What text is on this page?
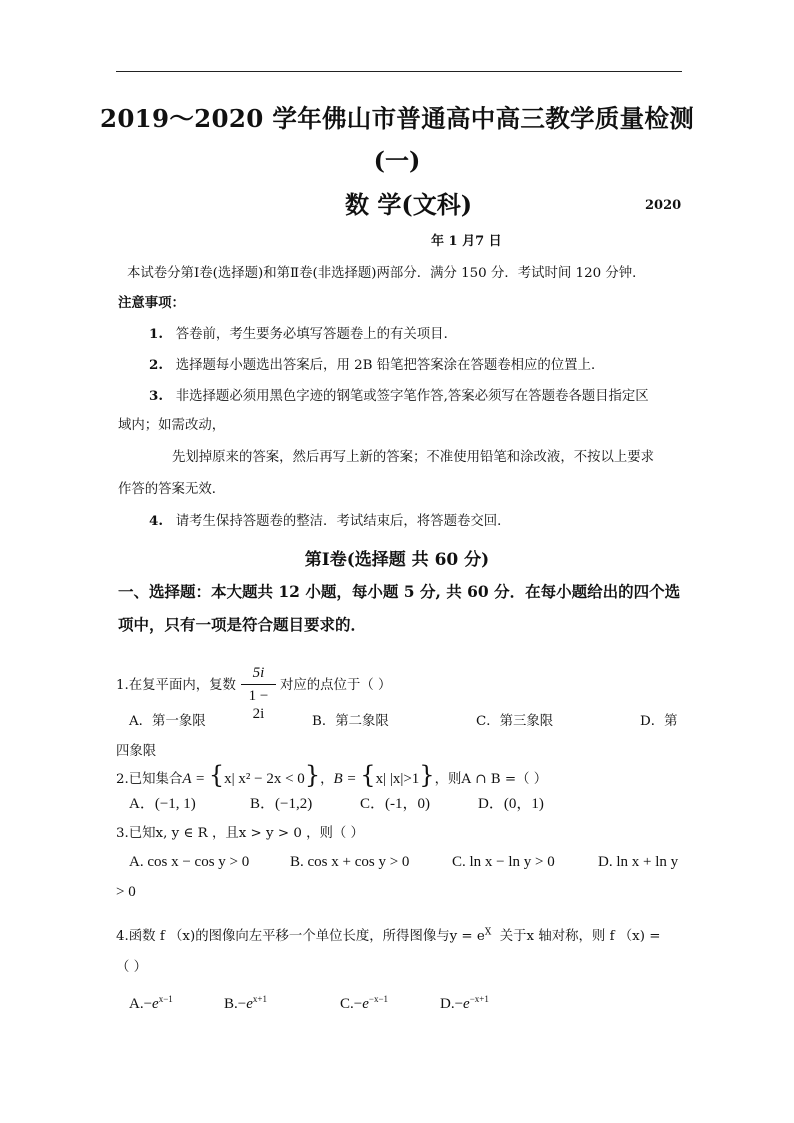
2019～2020 学年佛山市普通高中高三教学质量检测
(一)
数 学(文科)	2020
年 1 月7 日
本试卷分第Ⅰ卷(选择题)和第Ⅱ卷(非选择题)两部分．满分 150 分．考试时间 120 分钟．
注意事项：
1. 答卷前，考生要务必填写答题卷上的有关项目．
2. 选择题每小题选出答案后，用 2B 铅笔把答案涂在答题卷相应的位置上．
3. 非选择题必须用黑色字迹的钢笔或签字笔作答,答案必须写在答题卷各题目指定区
域内；如需改动，
先划掉原来的答案，然后再写上新的答案；不准使用铅笔和涂改液，不按以上要求
作答的答案无效．
4. 请考生保持答题卷的整洁．考试结束后，将答题卷交回．
第Ⅰ卷(选择题 共 60 分)
一、选择题：本大题共 12 小题，每小题 5 分, 共 60 分．在每小题给出的四个选
项中，只有一项是符合题目要求的．
1.在复平面内，复数
5i
1 − 2i
对应的点位于（ ）
A．第一象限	B．第二象限	C．第三象限	D．第
四象限
2.已知集合A = {x| x² − 2x < 0}，B = {x| |x|>1}，则A ∩ B =（ ）
A．(−1, 1)	B．(−1,2)	C．(-1，0)	D．(0，1)
3.已知x, y ∈ R ，且x > y > 0 ，则（ ）
A. cos x − cos y > 0	B. cos x + cos y > 0	C. ln x − ln y > 0	D. ln x + ln y
> 0
4.函数 f （x)的图像向左平移一个单位长度，所得图像与$y = e^X$ 关于x 轴对称，则 f （x) =
（ ）
$A.-e^{x-1}$	$B.-e^{x+1}$	$C.-e^{-x-1}$	$D.-e^{-x+1}$
